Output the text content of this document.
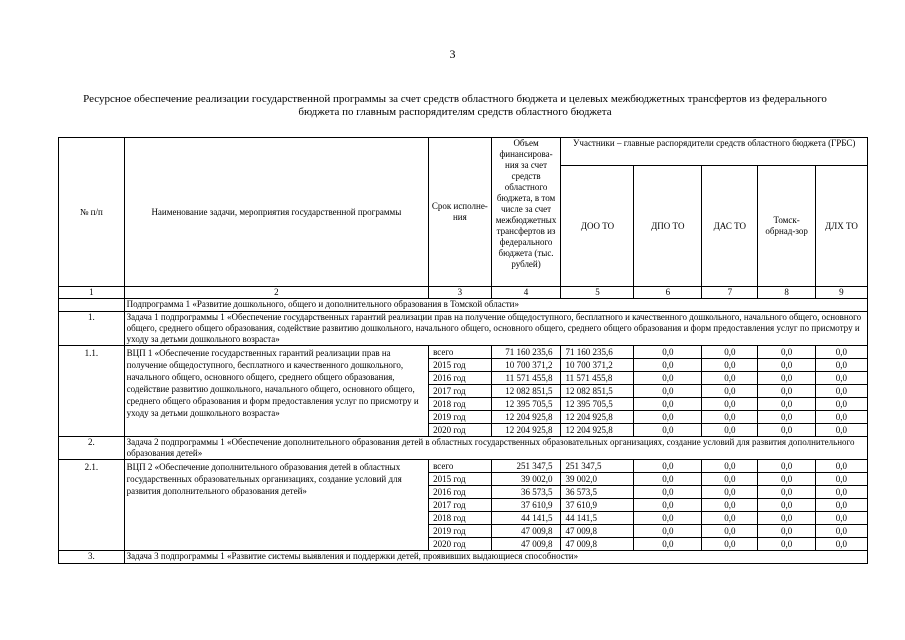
3
Ресурсное обеспечение реализации государственной программы за счет средств областного бюджета и целевых межбюджетных трансфертов из федерального бюджета по главным распорядителям средств областного бюджета
№ п/п	Наименование задачи, мероприятия государственной программы	Срок исполне-ния	Объем финансирова-ния за счет средств областного бюджета, в том числе за счет межбюджетных трансфертов из федерального бюджета (тыс. рублей)	Участники – главные распорядители средств областного бюджета (ГРБС)				
				ДОО ТО	ДПО ТО	ДАС ТО	Томск-обрнад-зор	ДЛХ ТО
1	2	3	4	5	6	7	8	9
	Подпрограмма 1 «Развитие дошкольного, общего и дополнительного образования в Томской области»							
1.	Задача 1 подпрограммы 1 «Обеспечение государственных гарантий реализации прав на получение общедоступного, бесплатного и качественного дошкольного, начального общего, основного общего, среднего общего образования, содействие развитию дошкольного, начального общего, основного общего, среднего общего образования и форм предоставления услуг по присмотру и уходу за детьми дошкольного возраста»							
1.1.	ВЦП 1 «Обеспечение государственных гарантий реализации прав на получение общедоступного, бесплатного и качественного дошкольного, начального общего, основного общего, среднего общего образования, содействие развитию дошкольного, начального общего, основного общего, среднего общего образования и форм предоставления услуг по присмотру и уходу за детьми дошкольного возраста»	всего	71 160 235,6	71 160 235,6	0,0	0,0	0,0	0,0
		2015 год	10 700 371,2	10 700 371,2	0,0	0,0	0,0	0,0
		2016 год	11 571 455,8	11 571 455,8	0,0	0,0	0,0	0,0
		2017 год	12 082 851,5	12 082 851,5	0,0	0,0	0,0	0,0
		2018 год	12 395 705,5	12 395 705,5	0,0	0,0	0,0	0,0
		2019 год	12 204 925,8	12 204 925,8	0,0	0,0	0,0	0,0
		2020 год	12 204 925,8	12 204 925,8	0,0	0,0	0,0	0,0
2.	Задача 2 подпрограммы 1 «Обеспечение дополнительного образования детей в областных государственных образовательных организациях, создание условий для развития дополнительного образования детей»							
2.1.	ВЦП 2 «Обеспечение дополнительного образования детей в областных государственных образовательных организациях, создание условий для развития дополнительного образования детей»	всего	251 347,5	251 347,5	0,0	0,0	0,0	0,0
		2015 год	39 002,0	39 002,0	0,0	0,0	0,0	0,0
		2016 год	36 573,5	36 573,5	0,0	0,0	0,0	0,0
		2017 год	37 610,9	37 610,9	0,0	0,0	0,0	0,0
		2018 год	44 141,5	44 141,5	0,0	0,0	0,0	0,0
		2019 год	47 009,8	47 009,8	0,0	0,0	0,0	0,0
		2020 год	47 009,8	47 009,8	0,0	0,0	0,0	0,0
3.	Задача 3 подпрограммы 1 «Развитие системы выявления и поддержки детей, проявивших выдающиеся способности»							
